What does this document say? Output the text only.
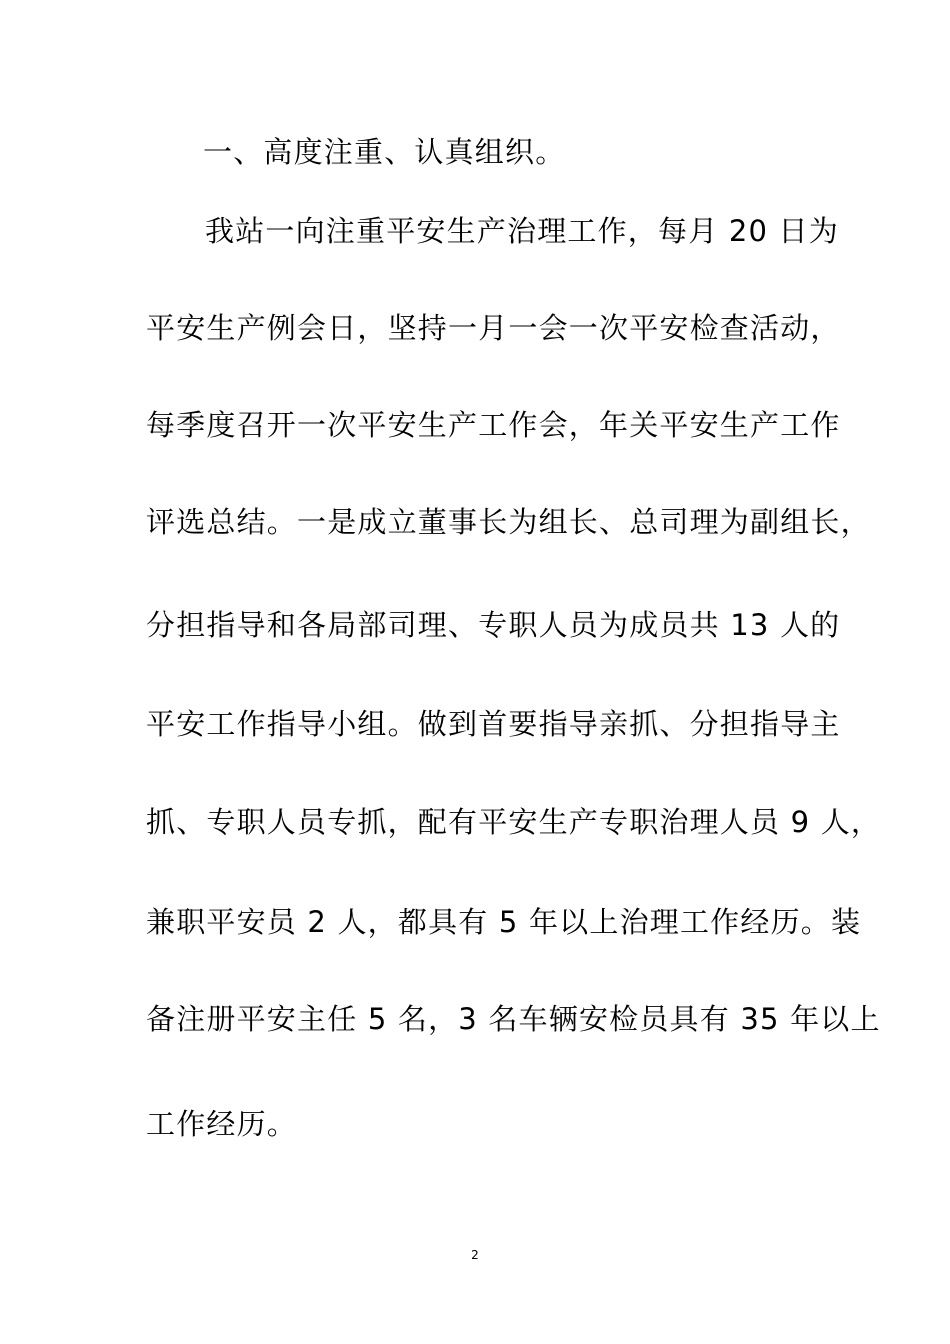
一、高度注重、认真组织。
我站一向注重平安生产治理工作，每月 20 日为
平安生产例会日，坚持一月一会一次平安检查活动，
每季度召开一次平安生产工作会，年关平安生产工作
评选总结。一是成立董事长为组长、总司理为副组长，
分担指导和各局部司理、专职人员为成员共 13 人的
平安工作指导小组。做到首要指导亲抓、分担指导主
抓、专职人员专抓，配有平安生产专职治理人员 9 人，
兼职平安员 2 人，都具有 5 年以上治理工作经历。装
备注册平安主任 5 名，3 名车辆安检员具有 35 年以上
工作经历。
2
